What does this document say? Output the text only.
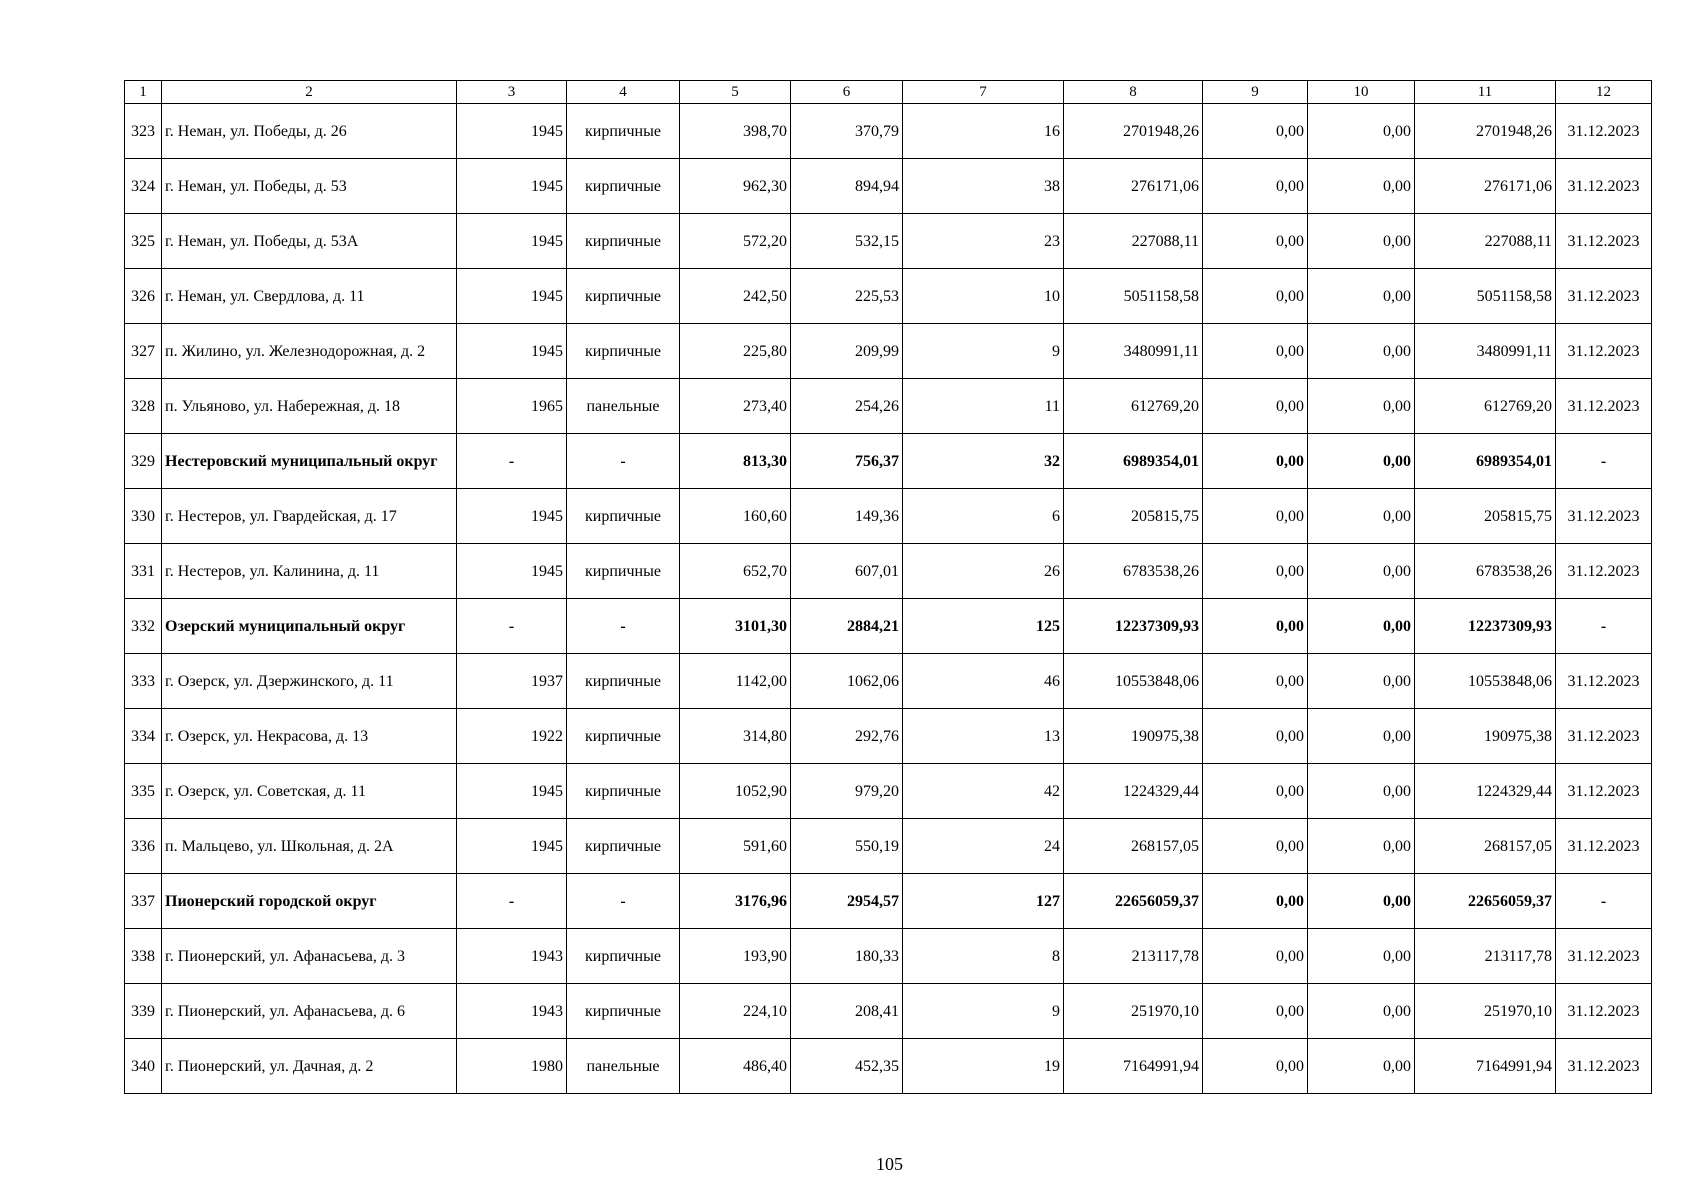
1	2	3	4	5	6	7	8	9	10	11	12
323	г. Неман, ул. Победы, д. 26	1945	кирпичные	398,70	370,79	16	2701948,26	0,00	0,00	2701948,26	31.12.2023
324	г. Неман, ул. Победы, д. 53	1945	кирпичные	962,30	894,94	38	276171,06	0,00	0,00	276171,06	31.12.2023
325	г. Неман, ул. Победы, д. 53А	1945	кирпичные	572,20	532,15	23	227088,11	0,00	0,00	227088,11	31.12.2023
326	г. Неман, ул. Свердлова, д. 11	1945	кирпичные	242,50	225,53	10	5051158,58	0,00	0,00	5051158,58	31.12.2023
327	п. Жилино, ул. Железнодорожная, д. 2	1945	кирпичные	225,80	209,99	9	3480991,11	0,00	0,00	3480991,11	31.12.2023
328	п. Ульяново, ул. Набережная, д. 18	1965	панельные	273,40	254,26	11	612769,20	0,00	0,00	612769,20	31.12.2023
329	Нестеровский муниципальный округ	-	-	813,30	756,37	32	6989354,01	0,00	0,00	6989354,01	-
330	г. Нестеров, ул. Гвардейская, д. 17	1945	кирпичные	160,60	149,36	6	205815,75	0,00	0,00	205815,75	31.12.2023
331	г. Нестеров, ул. Калинина, д. 11	1945	кирпичные	652,70	607,01	26	6783538,26	0,00	0,00	6783538,26	31.12.2023
332	Озерский муниципальный округ	-	-	3101,30	2884,21	125	12237309,93	0,00	0,00	12237309,93	-
333	г. Озерск, ул. Дзержинского, д. 11	1937	кирпичные	1142,00	1062,06	46	10553848,06	0,00	0,00	10553848,06	31.12.2023
334	г. Озерск, ул. Некрасова, д. 13	1922	кирпичные	314,80	292,76	13	190975,38	0,00	0,00	190975,38	31.12.2023
335	г. Озерск, ул. Советская, д. 11	1945	кирпичные	1052,90	979,20	42	1224329,44	0,00	0,00	1224329,44	31.12.2023
336	п. Мальцево, ул. Школьная, д. 2А	1945	кирпичные	591,60	550,19	24	268157,05	0,00	0,00	268157,05	31.12.2023
337	Пионерский городской округ	-	-	3176,96	2954,57	127	22656059,37	0,00	0,00	22656059,37	-
338	г. Пионерский, ул. Афанасьева, д. 3	1943	кирпичные	193,90	180,33	8	213117,78	0,00	0,00	213117,78	31.12.2023
339	г. Пионерский, ул. Афанасьева, д. 6	1943	кирпичные	224,10	208,41	9	251970,10	0,00	0,00	251970,10	31.12.2023
340	г. Пионерский, ул. Дачная, д. 2	1980	панельные	486,40	452,35	19	7164991,94	0,00	0,00	7164991,94	31.12.2023
105
